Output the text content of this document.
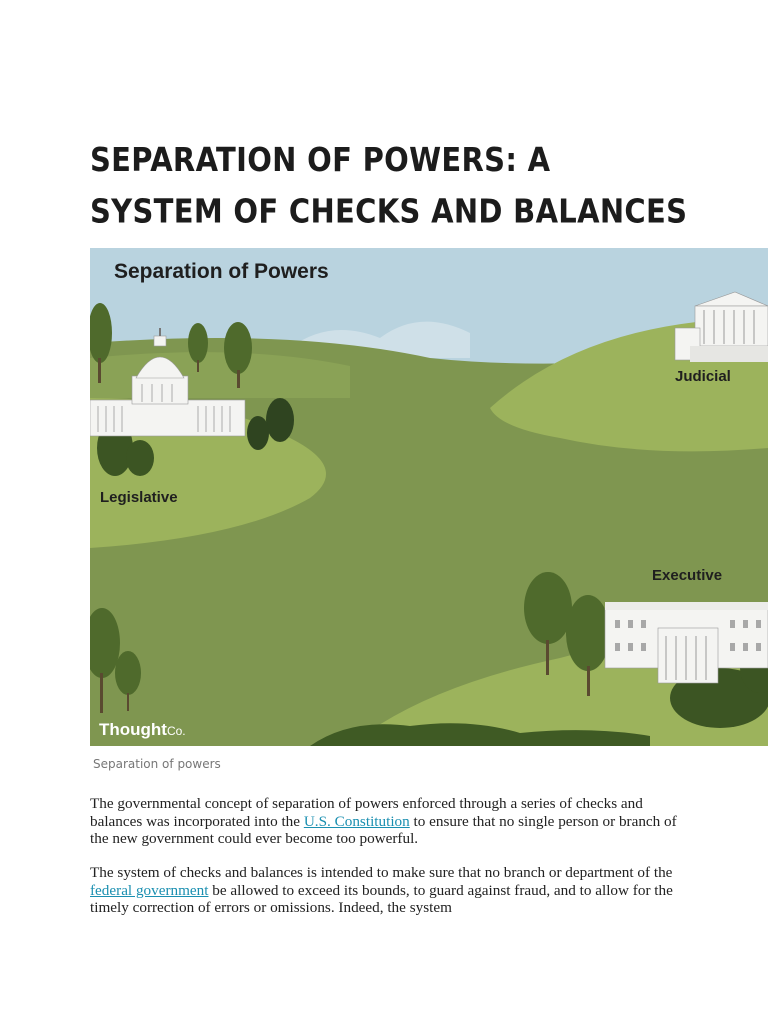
SEPARATION OF POWERS: A
SYSTEM OF CHECKS AND BALANCES
Separation of Powers
Judicial
Legislative
Executive
ThoughtCo.
Separation of powers

The governmental concept of separation of powers enforced through a series of checks and balances was incorporated into the U.S. Constitution to ensure that no single person or branch of the new government could ever become too powerful.

The system of checks and balances is intended to make sure that no branch or department of the federal government be allowed to exceed its bounds, to guard against fraud, and to allow for the timely correction of errors or omissions. Indeed, the system
